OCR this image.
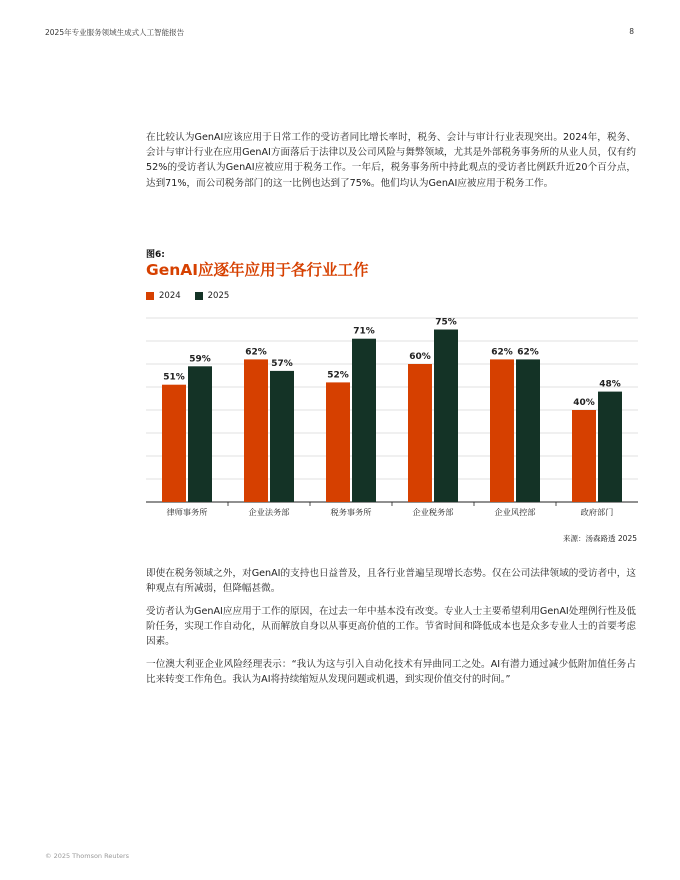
2025年专业服务领域生成式人工智能报告	8

在比较认为GenAI应该应用于日常工作的受访者同比增长率时，税务、会计与审计行业表现突出。2024年，税务、会计与审计行业在应用GenAI方面落后于法律以及公司风险与舞弊领域，尤其是外部税务事务所的从业人员，仅有约52%的受访者认为GenAI应被应用于税务工作。一年后，税务事务所中持此观点的受访者比例跃升近20个百分点，达到71%，而公司税务部门的这一比例也达到了75%。他们均认为GenAI应被应用于税务工作。

图6:
GenAI应逐年应用于各行业工作
2024	2025
51%
59%
律师事务所
62%
57%
企业法务部
52%
71%
税务事务所
60%
75%
企业税务部
62% 62%
企业风控部
40%
48%
政府部门
来源：汤森路透 2025

即使在税务领域之外，对GenAI的支持也日益普及，且各行业普遍呈现增长态势。仅在公司法律领域的受访者中，这种观点有所减弱，但降幅甚微。

受访者认为GenAI应应用于工作的原因，在过去一年中基本没有改变。专业人士主要希望利用GenAI处理例行性及低阶任务，实现工作自动化，从而解放自身以从事更高价值的工作。节省时间和降低成本也是众多专业人士的首要考虑因素。

一位澳大利亚企业风险经理表示：“我认为这与引入自动化技术有异曲同工之处。AI有潜力通过减少低附加值任务占比来转变工作角色。我认为AI将持续缩短从发现问题或机遇，到实现价值交付的时间。”

© 2025 Thomson Reuters
